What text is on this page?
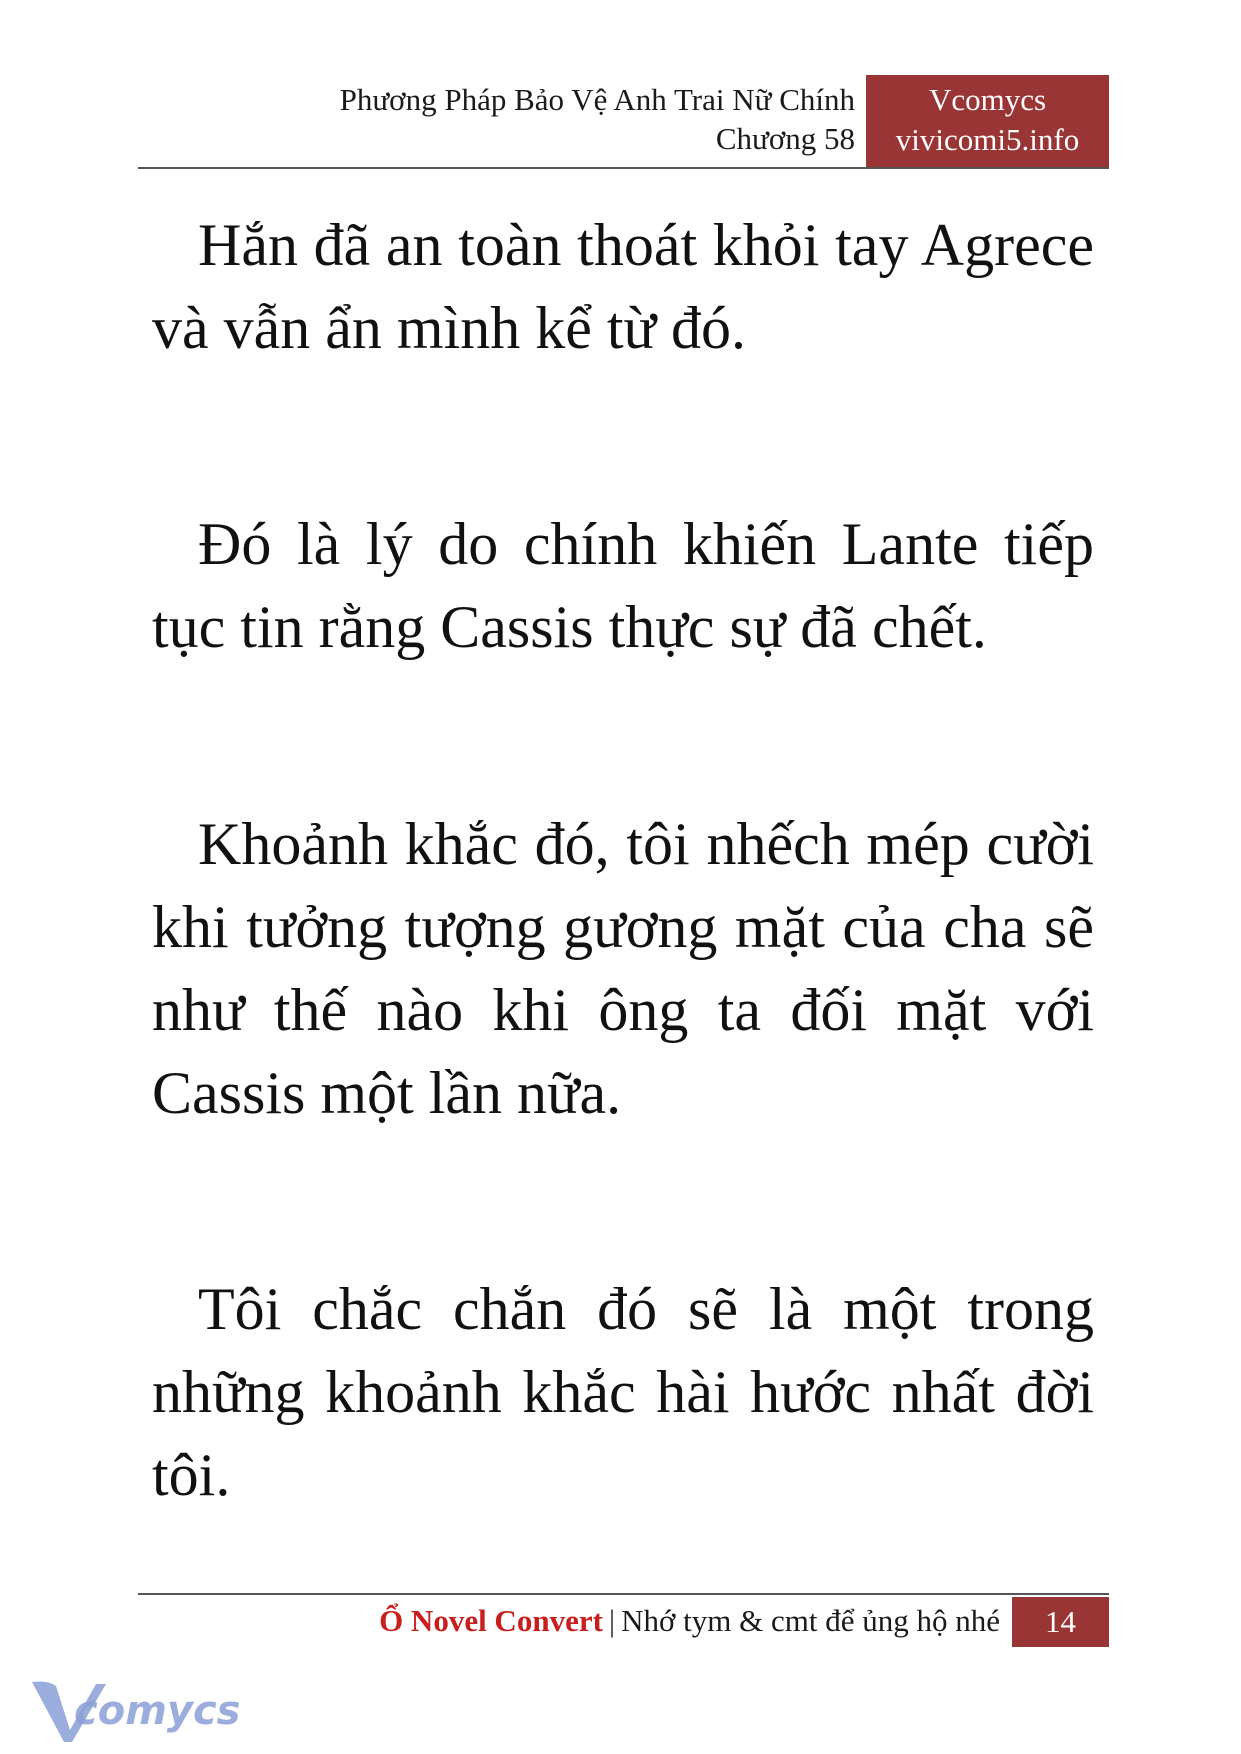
Phương Pháp Bảo Vệ Anh Trai Nữ Chính
Chương 58
Vcomycs
vivicomi5.info

Hắn đã an toàn thoát khỏi tay Agrece và vẫn ẩn mình kể từ đó.

Đó là lý do chính khiến Lante tiếp tục tin rằng Cassis thực sự đã chết.

Khoảnh khắc đó, tôi nhếch mép cười khi tưởng tượng gương mặt của cha sẽ như thế nào khi ông ta đối mặt với Cassis một lần nữa.

Tôi chắc chắn đó sẽ là một trong những khoảnh khắc hài hước nhất đời tôi.

Ổ Novel Convert | Nhớ tym & cmt để ủng hộ nhé	14
comycs
